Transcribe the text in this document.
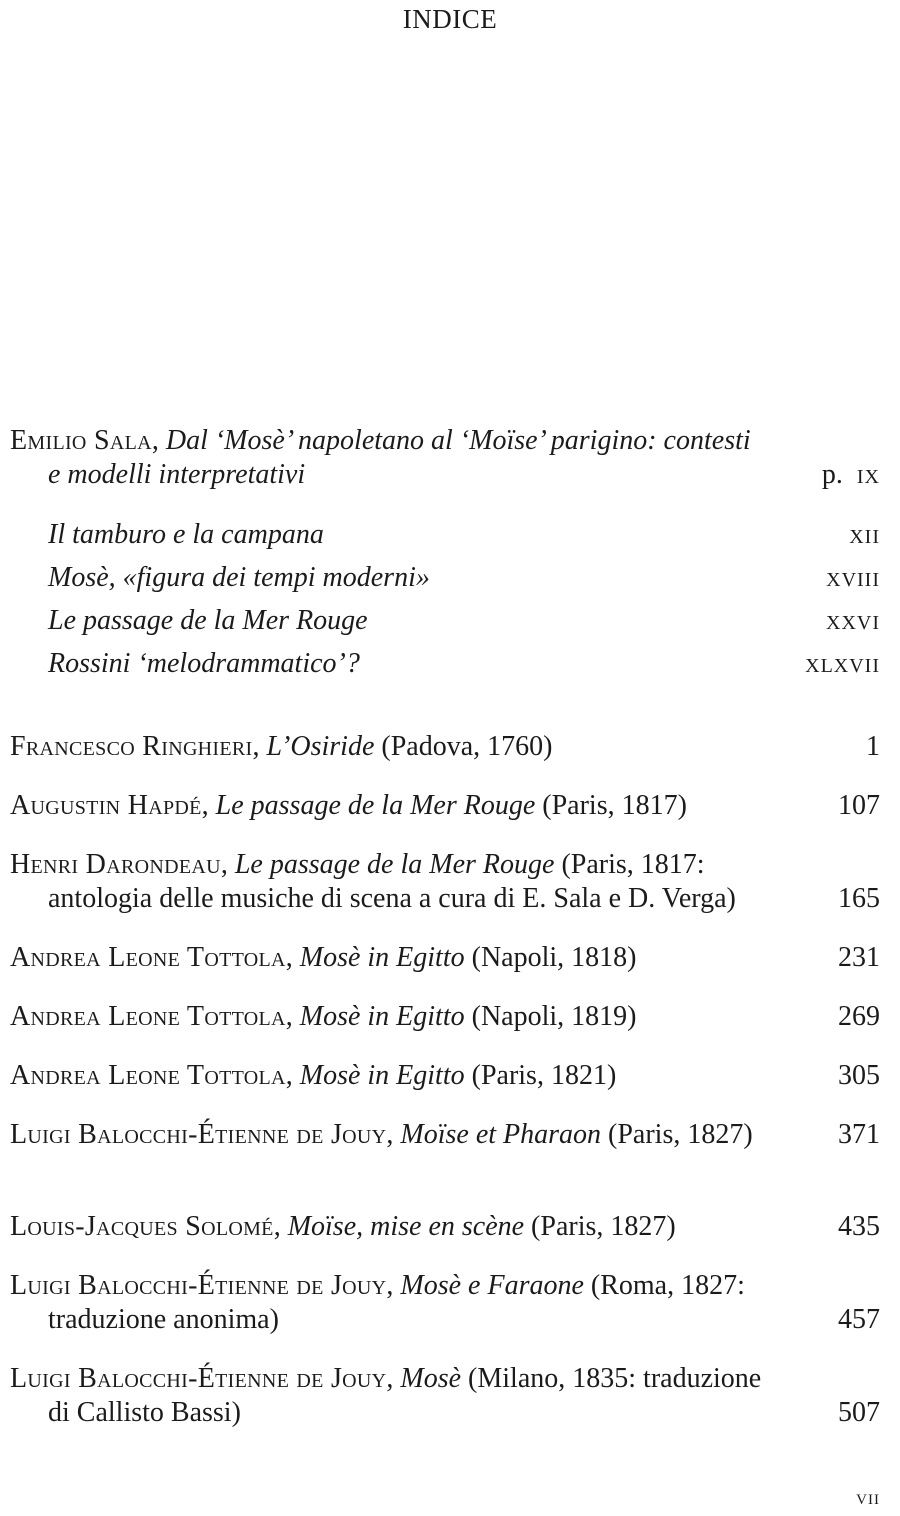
INDICE
Emilio Sala, Dal ‘Mosè’ napoletano al ‘Moïse’ parigino: contesti e modelli interpretativi	p. ix
Il tamburo e la campana	xii
Mosè, «figura dei tempi moderni»	xviii
Le passage de la Mer Rouge	xxvi
Rossini ‘melodrammatico’?	xlxvii
Francesco Ringhieri, L’Osiride (Padova, 1760)	1
Augustin Hapdé, Le passage de la Mer Rouge (Paris, 1817)	107
Henri Darondeau, Le passage de la Mer Rouge (Paris, 1817: antologia delle musiche di scena a cura di E. Sala e D. Verga)	165
Andrea Leone Tottola, Mosè in Egitto (Napoli, 1818)	231
Andrea Leone Tottola, Mosè in Egitto (Napoli, 1819)	269
Andrea Leone Tottola, Mosè in Egitto (Paris, 1821)	305
Luigi Balocchi-Étienne de Jouy, Moïse et Pharaon (Paris, 1827)	371
Louis-Jacques Solomé, Moïse, mise en scène (Paris, 1827)	435
Luigi Balocchi-Étienne de Jouy, Mosè e Faraone (Roma, 1827: traduzione anonima)	457
Luigi Balocchi-Étienne de Jouy, Mosè (Milano, 1835: traduzione di Callisto Bassi)	507
vii
